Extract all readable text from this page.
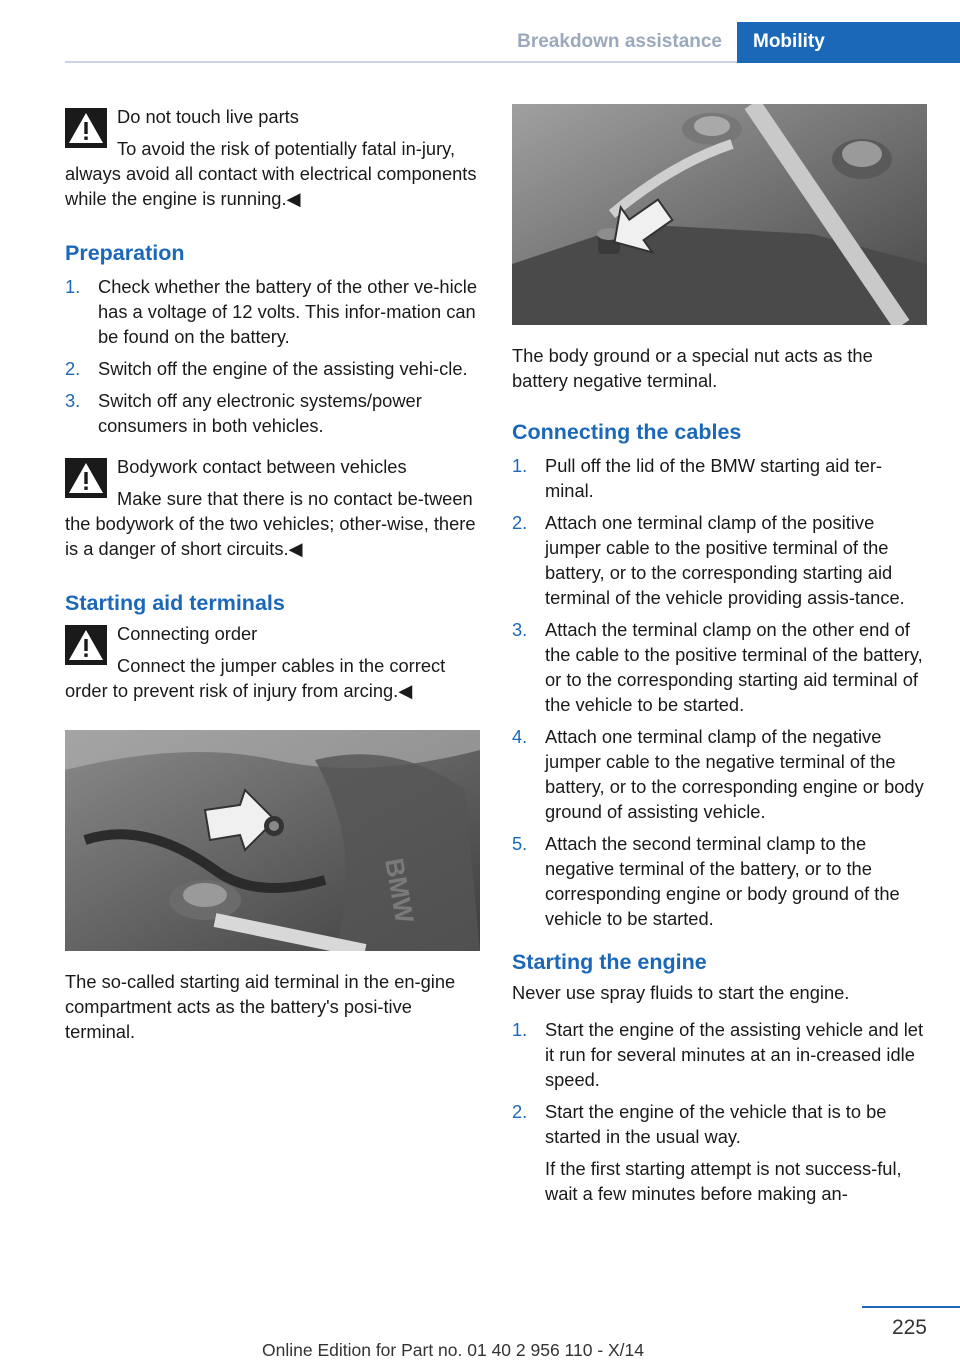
Breakdown assistance Mobility
Do not touch live parts
To avoid the risk of potentially fatal in‐jury, always avoid all contact with electrical components while the engine is running.◀
Preparation
1. Check whether the battery of the other ve‐hicle has a voltage of 12 volts. This infor‐mation can be found on the battery.
2. Switch off the engine of the assisting vehi‐cle.
3. Switch off any electronic systems/power consumers in both vehicles.
Bodywork contact between vehicles
Make sure that there is no contact be‐tween the bodywork of the two vehicles; other‐wise, there is a danger of short circuits.◀
Starting aid terminals
Connecting order
Connect the jumper cables in the correct order to prevent risk of injury from arcing.◀
BMW

The so-called starting aid terminal in the en‐gine compartment acts as the battery's posi‐tive terminal.

The body ground or a special nut acts as the battery negative terminal.

Connecting the cables
1. Pull off the lid of the BMW starting aid ter‐minal.
2. Attach one terminal clamp of the positive jumper cable to the positive terminal of the battery, or to the corresponding starting aid terminal of the vehicle providing assis‐tance.
3. Attach the terminal clamp on the other end of the cable to the positive terminal of the battery, or to the corresponding starting aid terminal of the vehicle to be started.
4. Attach one terminal clamp of the negative jumper cable to the negative terminal of the battery, or to the corresponding engine or body ground of assisting vehicle.
5. Attach the second terminal clamp to the negative terminal of the battery, or to the corresponding engine or body ground of the vehicle to be started.
Starting the engine

Never use spray fluids to start the engine.

1. Start the engine of the assisting vehicle and let it run for several minutes at an in‐creased idle speed.
2. Start the engine of the vehicle that is to be started in the usual way.
If the first starting attempt is not success‐ful, wait a few minutes before making an‐
225
Online Edition for Part no. 01 40 2 956 110 - X/14
